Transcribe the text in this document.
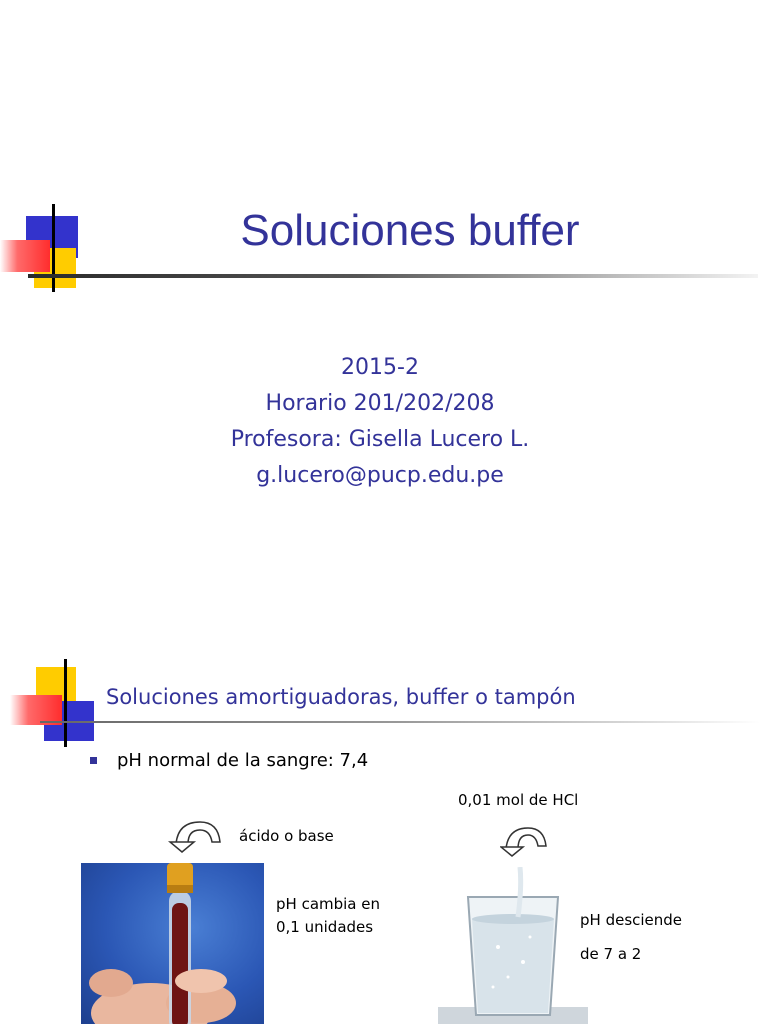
Soluciones buffer
2015-2
Horario 201/202/208
Profesora: Gisella Lucero L.
g.lucero@pucp.edu.pe
Soluciones amortiguadoras, buffer o tampón
pH normal de la sangre: 7,4
ácido o base
pH cambia en
0,1 unidades
0,01 mol de HCl
pH desciende
de 7 a 2
